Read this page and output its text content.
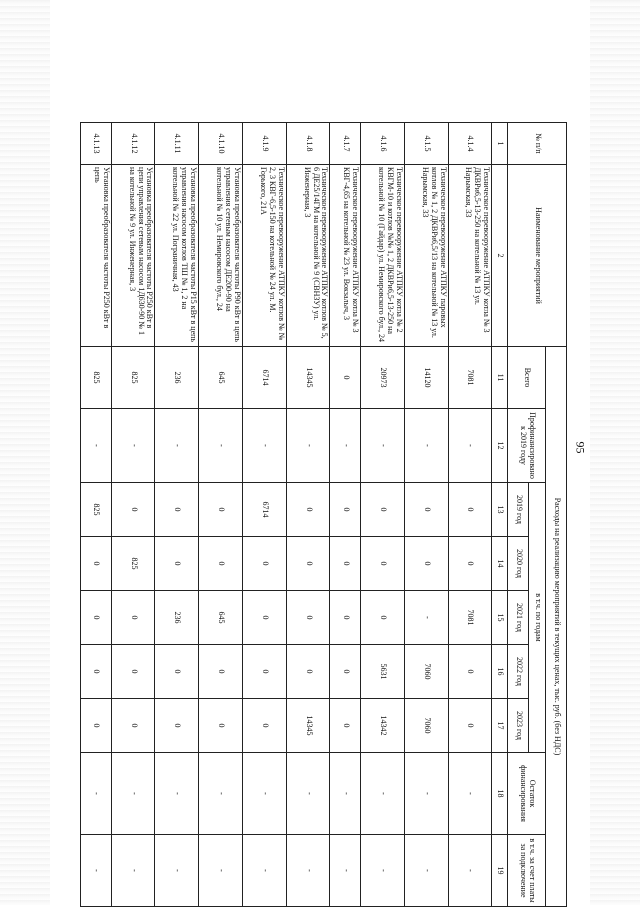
95
№ п/п	Наименование мероприятий	Расходы на реализацию мероприятий в текущих ценах, тыс. руб. (без НДС)								
		Всего	Профинансировано к 2019 году	в т.ч. по годам					Остаток финансирования	в т.ч. за счет платы за подключение
				2019 год	2020 год	2021 год	2022 год	2023 год		
1	2	11	12	13	14	15	16	17	18	19
4.1.4	Техническое перевооружение АТПКУ котла № 3 ДКВРи6,5-13-250 на котельной № 13 ул. Нарымская, 33	7081	-	0	0	7081	0	0	-	-
4.1.5	Техническое перевооружение АТПКУ паровых котлов № 1, 2 ДКВРи6,5/13 на котельной № 13 ул. Нарымская, 33	14120	-	0	0	-	7060	7060	-	-
4.1.6	Техническое перевооружение АТПКУ котла № 2 КВГМ-10 и котлов №№ 1, 2 ДКВРи6,5-13-250 на котельной № 10 (Гайдар) ул. Немировского бул., 24	20973	-	0	0	0	5631	14342	-	-
4.1.7	Техническое перевооружение АТПКУ котла № 3 КВГ-4,65 на котельной № 23 ул. Вокзалыч, 3	0	-	0	0	0	0	0	-	-
4.1.8	Техническое перевооружение АТПКУ котлов № 5, 6 ДЕ25/14ГМ на котельной № 9 (СВНЗУ) ул. Инженерная, 3	14345	-	0	0	0	0	14345	-	-
4.1.9	Техническое перевооружение АТПКУ котлов № № 2, 3 КВГ-6,5-150 на котельной № 24 ул. М. Горького, 21А	6714	-	6714	0	0	0	0	-	-
4.1.10	Установка преобразователя частоты Р90 кВт в цепь управления сетевым насосом ДЕ200-90 на котельной № 10 ул. Немировского бул., 24	645	-	0	0	645	0	0	-	-
4.1.11	Установка преобразователя частоты Р15 кВт в цепь управления насосом котлов ТШ № 1, 2 на котельной № 22 ул. Пограничная, 43	236	-	0	0	236	0	0	-	-
4.1.12	Установка преобразователя частоты Р250 кВт в цепи управления сетевым насосом 1Д630-90 № 1 на котельной № 9 ул. Инженерная, 3	825	-	0	825	0	0	0	-	-
4.1.13	Установка преобразователя частоты Р250 кВт в цепь	825	-	825	0	0	0	0	-	-
